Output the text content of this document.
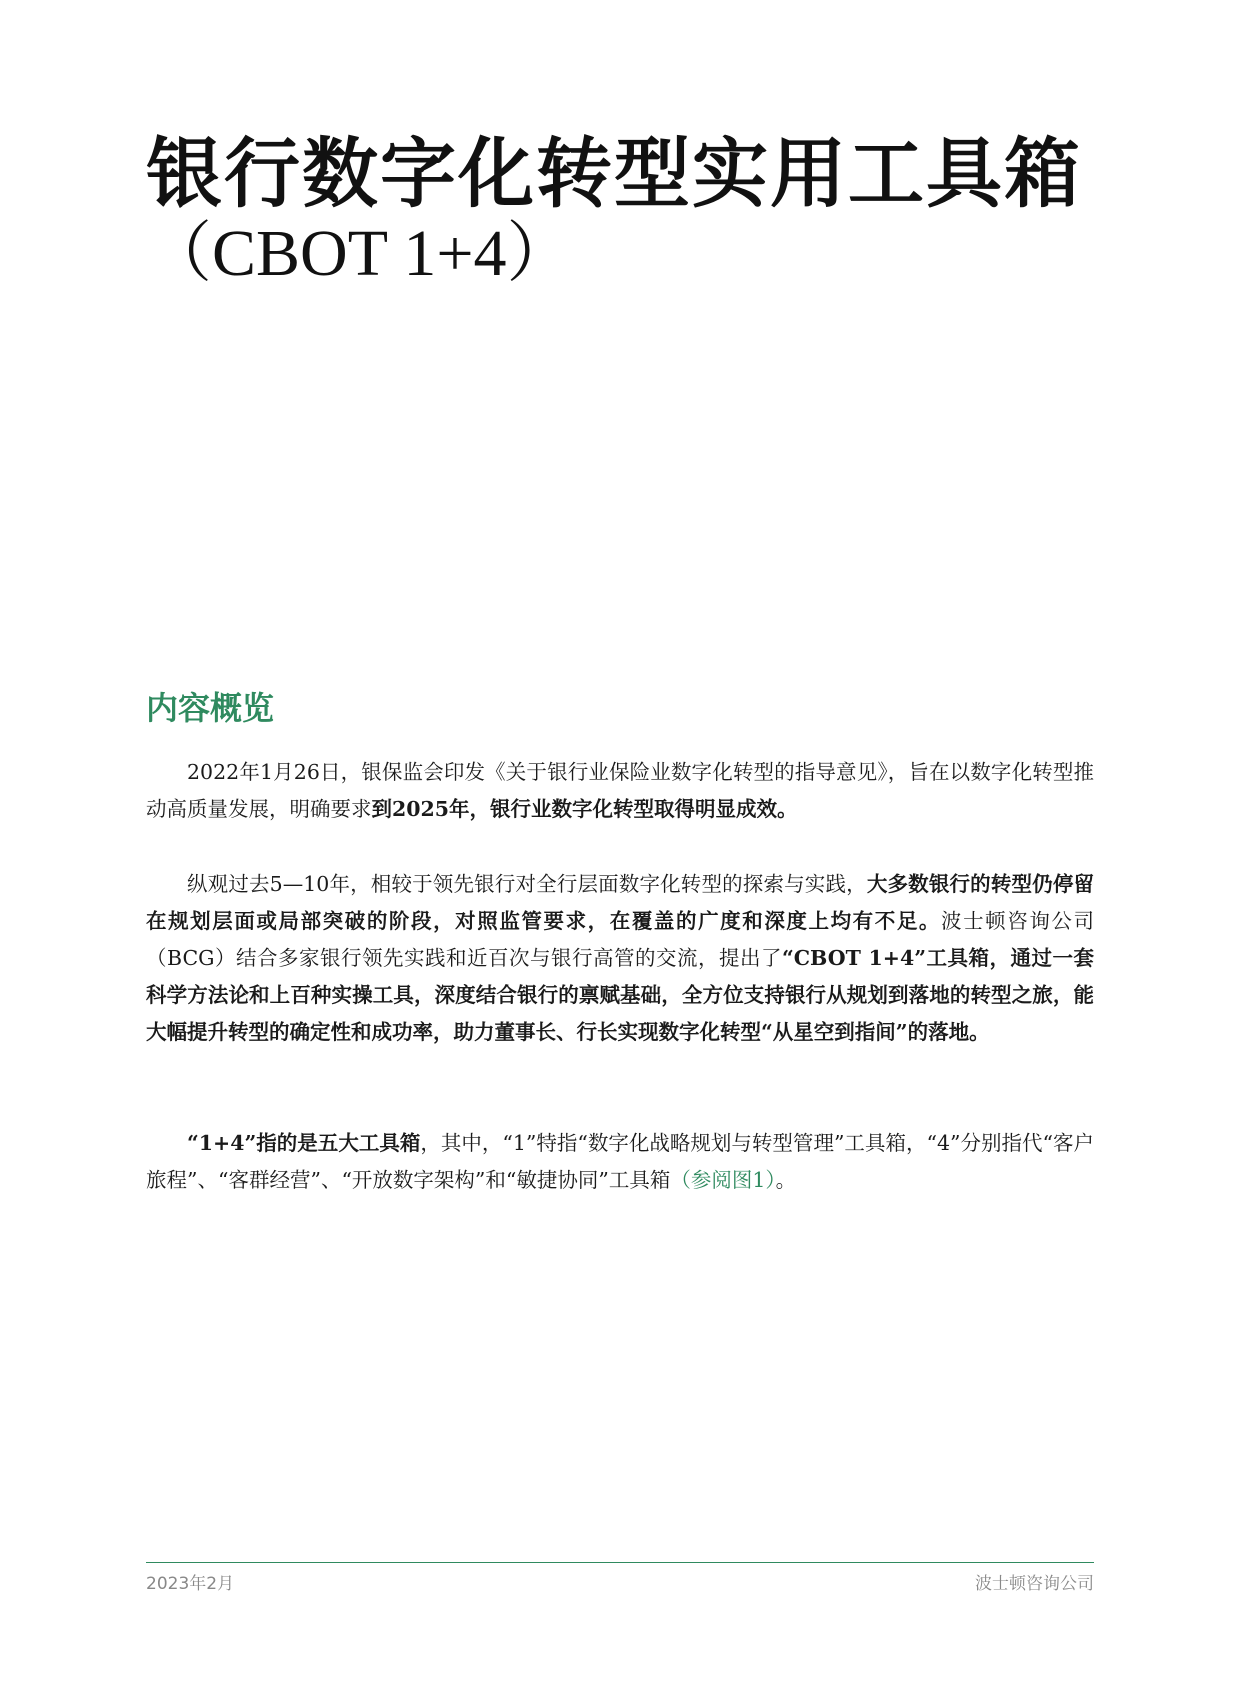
银行数字化转型实用工具箱
（CBOT 1+4）
内容概览

2022年1月26日，银保监会印发《关于银行业保险业数字化转型的指导意见》，旨在以数字化转型推动高质量发展，明确要求到2025年，银行业数字化转型取得明显成效。

纵观过去5—10年，相较于领先银行对全行层面数字化转型的探索与实践，大多数银行的转型仍停留在规划层面或局部突破的阶段，对照监管要求，在覆盖的广度和深度上均有不足。波士顿咨询公司（BCG）结合多家银行领先实践和近百次与银行高管的交流，提出了“CBOT 1+4”工具箱，通过一套科学方法论和上百种实操工具，深度结合银行的禀赋基础，全方位支持银行从规划到落地的转型之旅，能大幅提升转型的确定性和成功率，助力董事长、行长实现数字化转型“从星空到指间”的落地。

“1+4”指的是五大工具箱，其中，“1”特指“数字化战略规划与转型管理”工具箱，“4”分别指代“客户旅程”、“客群经营”、“开放数字架构”和“敏捷协同”工具箱（参阅图1）。

2023年2月	波士顿咨询公司
